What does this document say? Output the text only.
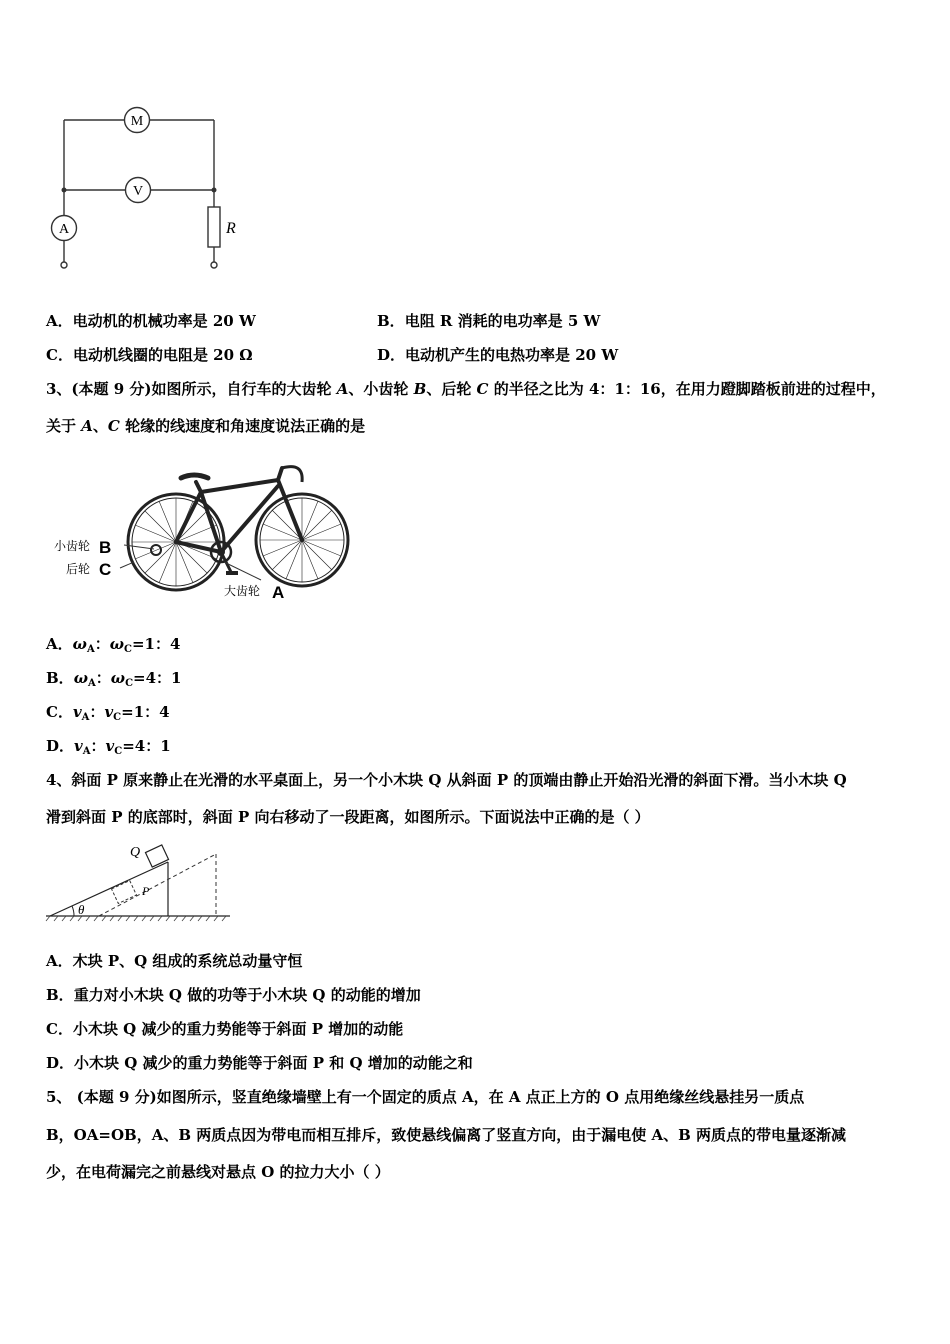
M
V
A	R
A．电动机的机械功率是 20 W	B．电阻 R 消耗的电功率是 5 W
C．电动机线圈的电阻是 20 Ω	D．电动机产生的电热功率是 20 W
3、(本题 9 分)如图所示，自行车的大齿轮 A、小齿轮 B、后轮 C 的半径之比为 4：1：16，在用力蹬脚踏板前进的过程中，
关于 A、C 轮缘的线速度和角速度说法正确的是
小齿轮 B
后轮 C
大齿轮 A
A．$\omega_A$：$\omega_C=1$：4
B．$\omega_A$：$\omega_C=4$：1
C．$v_A$：$v_C=1$：4
D．$v_A$：$v_C=4$：1
4、斜面 P 原来静止在光滑的水平桌面上，另一个小木块 Q 从斜面 P 的顶端由静止开始沿光滑的斜面下滑。当小木块 Q
滑到斜面 P 的底部时，斜面 P 向右移动了一段距离，如图所示。下面说法中正确的是（ ）
Q
P
θ
A．木块 P、Q 组成的系统总动量守恒
B．重力对小木块 Q 做的功等于小木块 Q 的动能的增加
C．小木块 Q 减少的重力势能等于斜面 P 增加的动能
D．小木块 Q 减少的重力势能等于斜面 P 和 Q 增加的动能之和
5、 (本题 9 分)如图所示，竖直绝缘墙壁上有一个固定的质点 A，在 A 点正上方的 O 点用绝缘丝线悬挂另一质点
B，OA=OB，A、B 两质点因为带电而相互排斥，致使悬线偏离了竖直方向，由于漏电使 A、B 两质点的带电量逐渐减
少，在电荷漏完之前悬线对悬点 O 的拉力大小（ ）
